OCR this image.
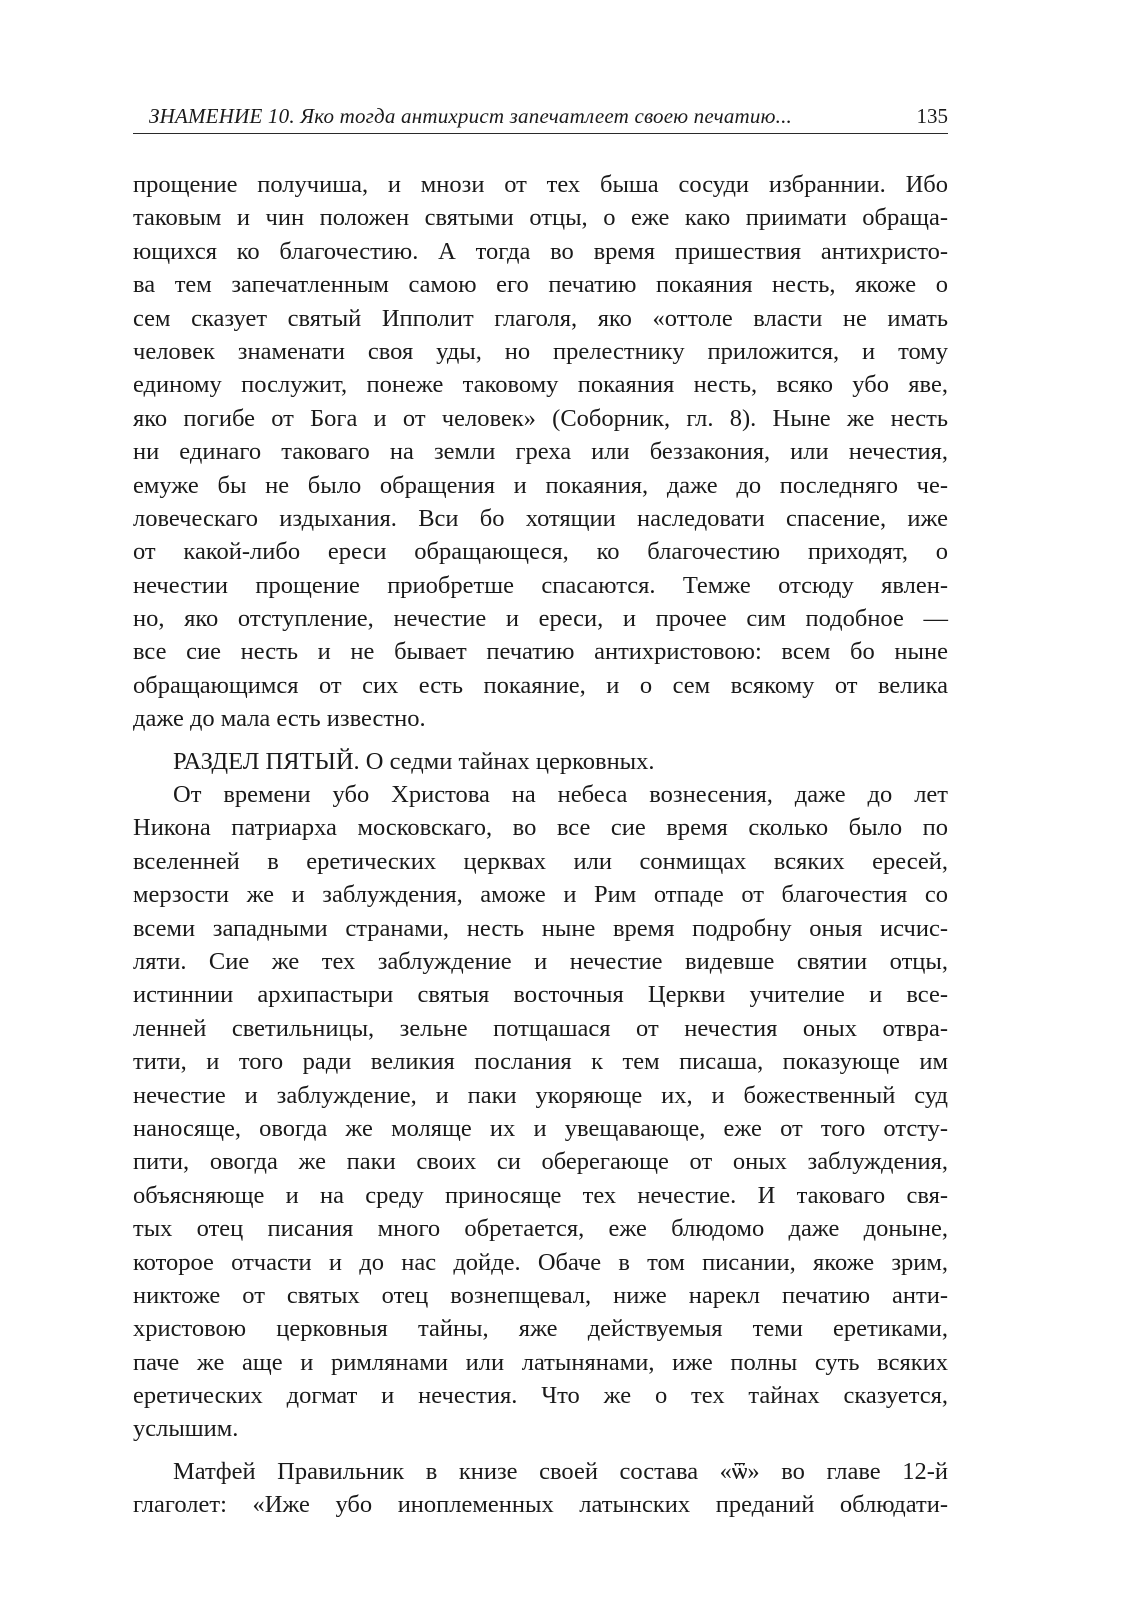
ЗНАМЕНИЕ 10. Яко тогда антихрист запечатлеет своею печатию...	135
прощение получиша, и мнози от тех быша сосуди избраннии. Ибо
таковым и чин положен святыми отцы, о еже како приимати обраща-
ющихся ко благочестию. А тогда во время пришествия антихристо-
ва тем запечатленным самою его печатию покаяния несть, якоже о
сем сказует святый Ипполит глаголя, яко «оттоле власти не имать
человек знаменати своя уды, но прелестнику приложится, и тому
единому послужит, понеже таковому покаяния несть, всяко убо яве,
яко погибе от Бога и от человек» (Соборник, гл. 8). Ныне же несть
ни единаго таковаго на земли греха или беззакония, или нечестия,
емуже бы не было обращения и покаяния, даже до последняго че-
ловеческаго издыхания. Вси бо хотящии наследовати спасение, иже
от какой-либо ереси обращающеся, ко благочестию приходят, о
нечестии прощение приобретше спасаются. Темже отсюду явлен-
но, яко отступление, нечестие и ереси, и прочее сим подобное —
все сие несть и не бывает печатию антихристовою: всем бо ныне
обращающимся от сих есть покаяние, и о сем всякому от велика
даже до мала есть известно.
РАЗДЕЛ ПЯТЫЙ. О седми тайнах церковных.
От времени убо Христова на небеса вознесения, даже до лет
Никона патриарха московскаго, во все сие время сколько было по
вселенней в еретических церквах или сонмищах всяких ересей,
мерзости же и заблуждения, аможе и Рим отпаде от благочестия со
всеми западными странами, несть ныне время подробну оныя исчис-
ляти. Сие же тех заблуждение и нечестие видевше святии отцы,
истиннии архипастыри святыя восточныя Церкви учителие и все-
ленней светильницы, зельне потщашася от нечестия оных отвра-
тити, и того ради великия послания к тем писаша, показующе им
нечестие и заблуждение, и паки укоряюще их, и божественный суд
наносяще, овогда же моляще их и увещавающе, еже от того отсту-
пити, овогда же паки своих си оберегающе от оных заблуждения,
объясняюще и на среду приносяще тех нечестие. И таковаго свя-
тых отец писания много обретается, еже блюдомо даже доныне,
которое отчасти и до нас дойде. Обаче в том писании, якоже зрим,
никтоже от святых отец вознепщевал, ниже нарекл печатию анти-
христовою церковныя тайны, яже действуемыя теми еретиками,
паче же аще и римлянами или латынянами, иже полны суть всяких
еретических догмат и нечестия. Что же о тех тайнах сказуется,
услышим.
Матфей Правильник в книзе своей состава «ѿ» во главе 12-й
глаголет: «Иже убо иноплеменных латынских преданий облюдати-
